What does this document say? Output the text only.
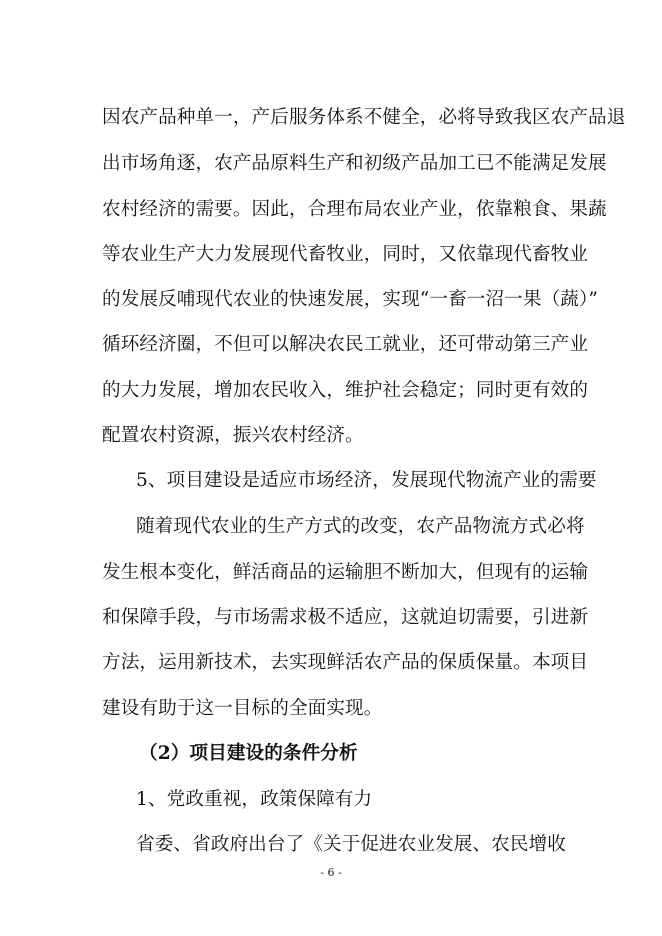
因农产品种单一，产后服务体系不健全，必将导致我区农产品退
出市场角逐，农产品原料生产和初级产品加工已不能满足发展
农村经济的需要。因此，合理布局农业产业，依靠粮食、果蔬
等农业生产大力发展现代畜牧业，同时，又依靠现代畜牧业
的发展反哺现代农业的快速发展，实现“一畜一沼一果（蔬）”
循环经济圈，不但可以解决农民工就业，还可带动第三产业
的大力发展，增加农民收入，维护社会稳定；同时更有效的
配置农村资源，振兴农村经济。
5、项目建设是适应市场经济，发展现代物流产业的需要
随着现代农业的生产方式的改变，农产品物流方式必将
发生根本变化，鲜活商品的运输胆不断加大，但现有的运输
和保障手段，与市场需求极不适应，这就迫切需要，引进新
方法，运用新技术，去实现鲜活农产品的保质保量。本项目
建设有助于这一目标的全面实现。
（2）项目建设的条件分析
1、党政重视，政策保障有力
省委、省政府出台了《关于促进农业发展、农民增收
- 6 -
